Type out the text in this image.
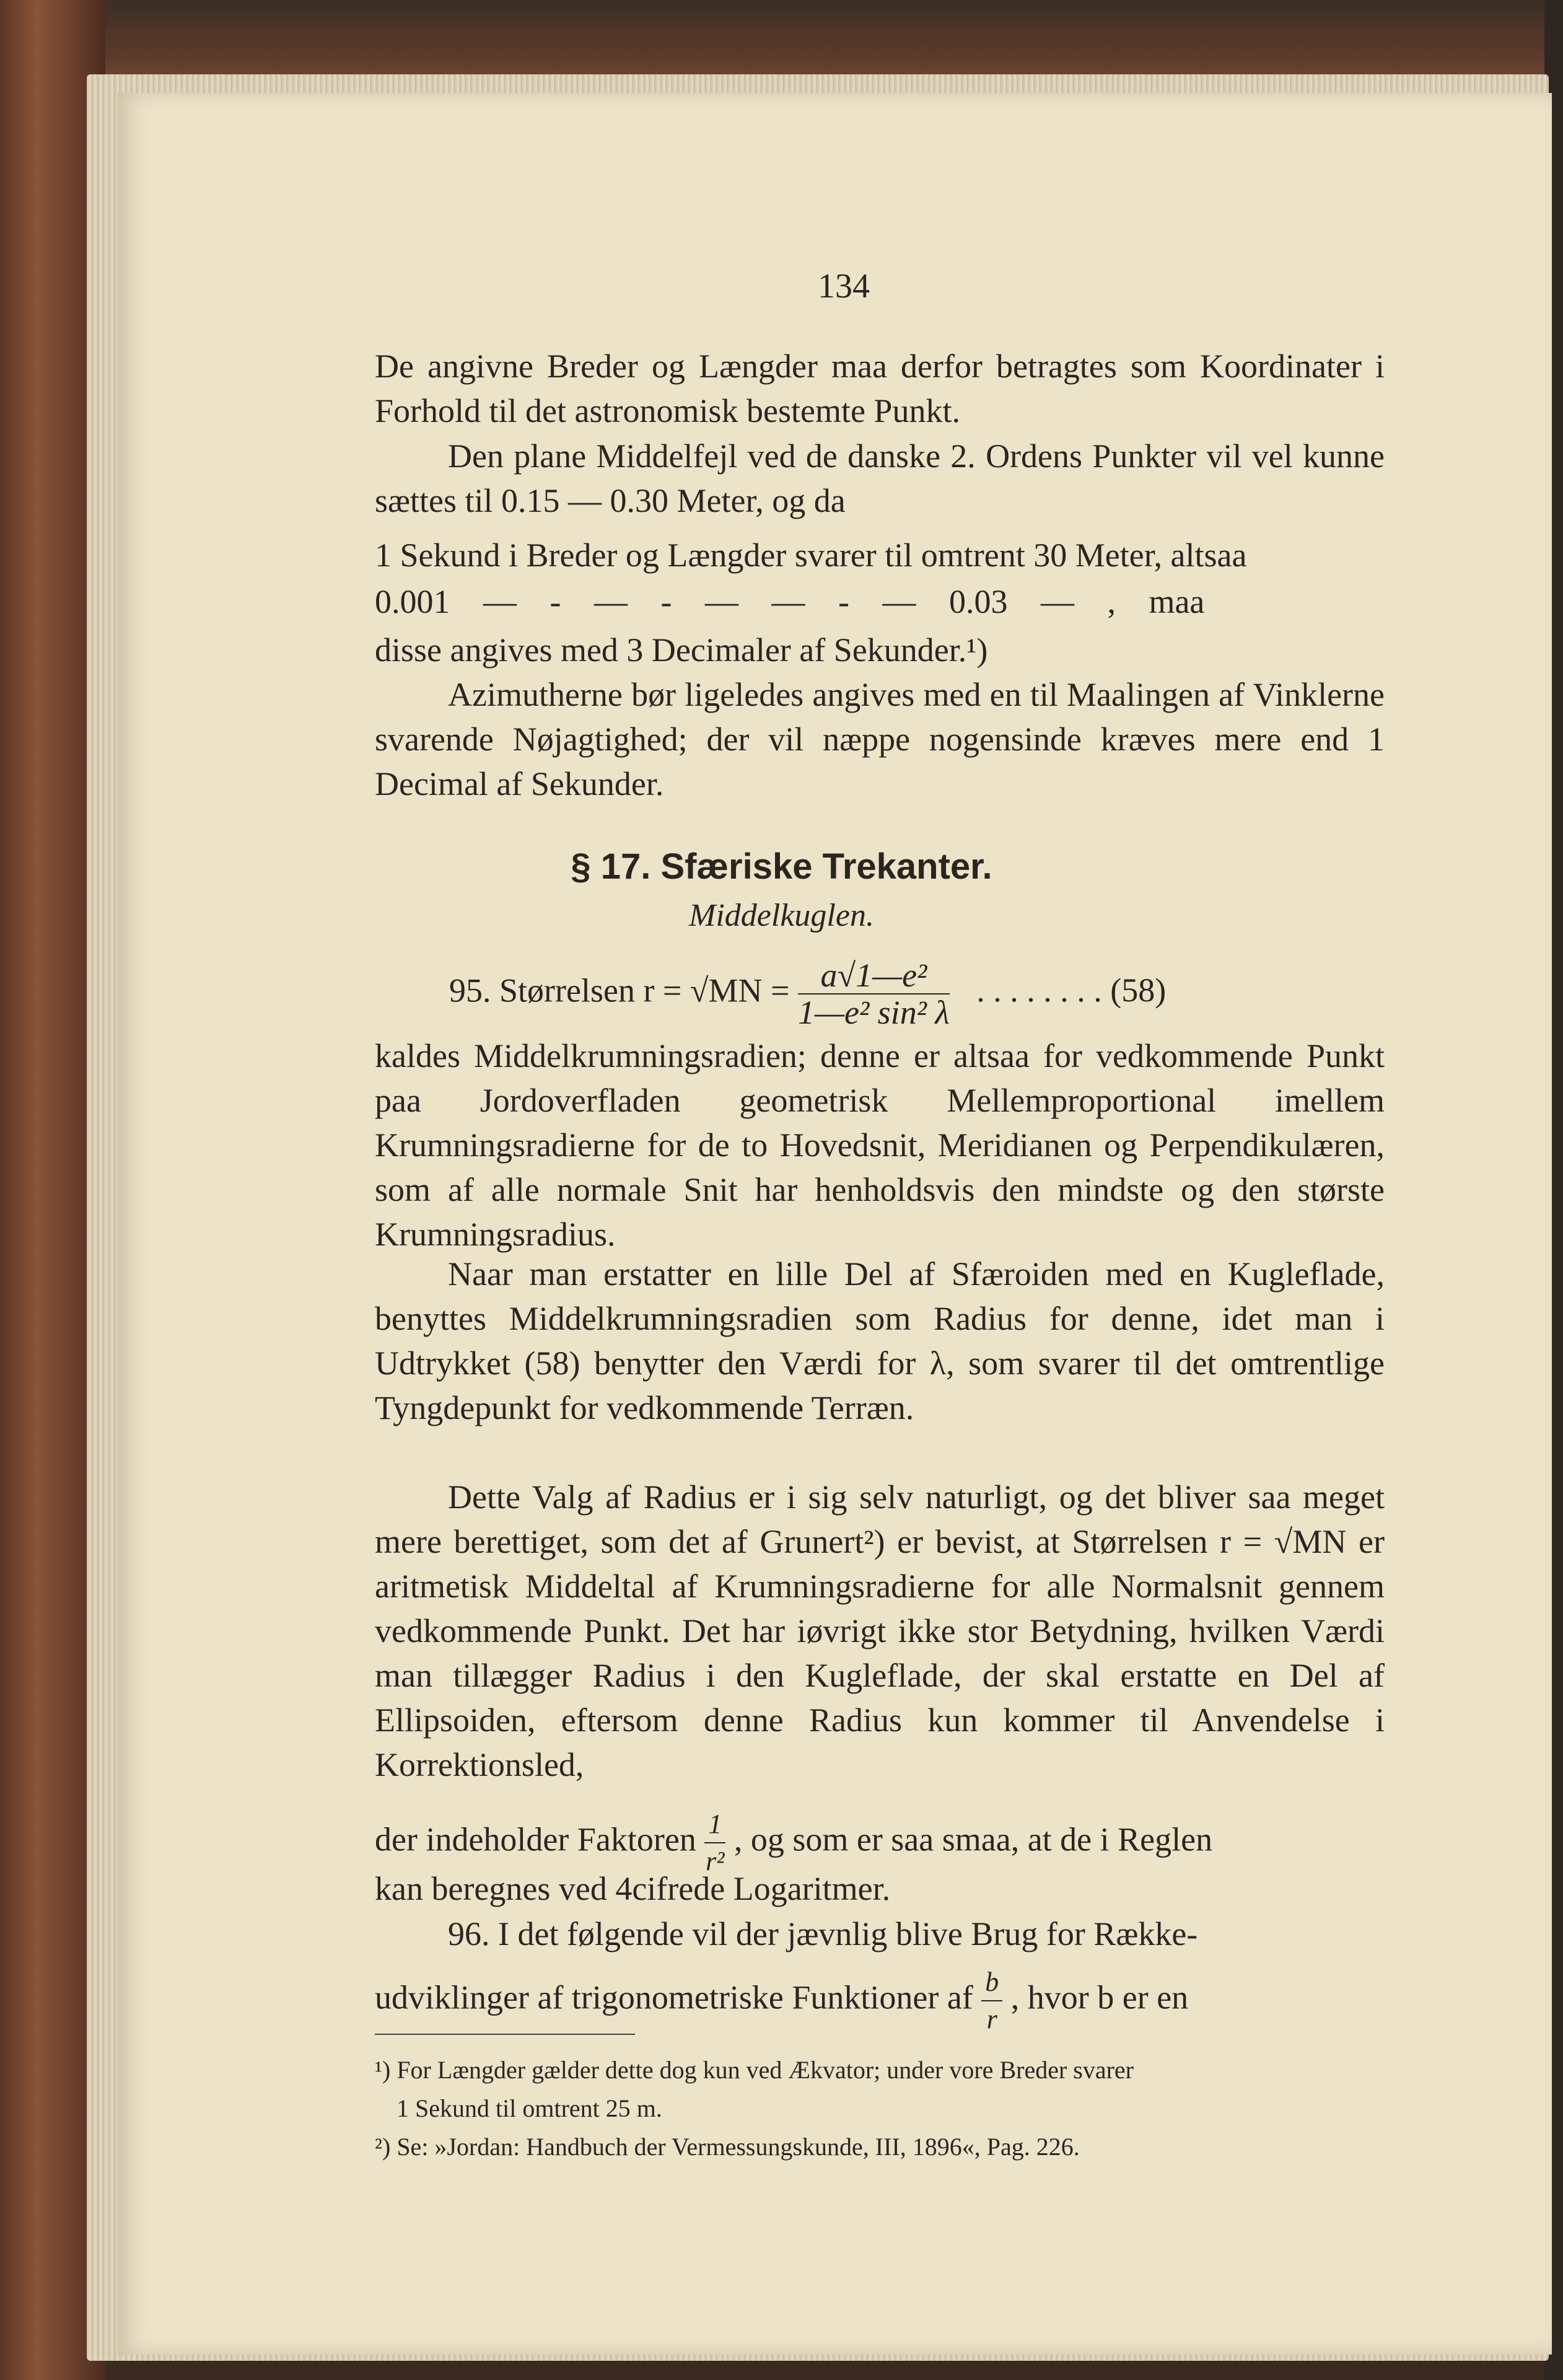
134

De angivne Breder og Længder maa derfor betragtes som Koordinater i Forhold til det astronomisk bestemte Punkt.

Den plane Middelfejl ved de danske 2. Ordens Punkter vil vel kunne sættes til 0.15 — 0.30 Meter, og da

1 Sekund i Breder og Længder svarer til omtrent 30 Meter, altsaa
0.001 — - — - — — - — 0.03 — , maa
disse angives med 3 Decimaler af Sekunder.¹)

Azimutherne bør ligeledes angives med en til Maalingen af Vinklerne svarende Nøjagtighed; der vil næppe nogensinde kræves mere end 1 Decimal af Sekunder.

§ 17. Sfæriske Trekanter.
Middelkuglen.
95. Størrelsen $r = √MN = \frac{\text{a√1—e²}}{\text{1—e² sin² λ}}$ . . . . . . . . (58)

kaldes Middelkrumningsradien; denne er altsaa for vedkommende Punkt paa Jordoverfladen geometrisk Mellemproportional imellem Krumningsradierne for de to Hovedsnit, Meridianen og Perpendikulæren, som af alle normale Snit har henholdsvis den mindste og den største Krumningsradius.

Naar man erstatter en lille Del af Sfæroiden med en Kugleflade, benyttes Middelkrumningsradien som Radius for denne, idet man i Udtrykket (58) benytter den Værdi for λ, som svarer til det omtrentlige Tyngdepunkt for vedkommende Terræn.

Dette Valg af Radius er i sig selv naturligt, og det bliver saa meget mere berettiget, som det af Grunert²) er bevist, at Størrelsen r = √MN er aritmetisk Middeltal af Krumningsradierne for alle Normalsnit gennem vedkommende Punkt. Det har iøvrigt ikke stor Betydning, hvilken Værdi man tillægger Radius i den Kugleflade, der skal erstatte en Del af Ellipsoiden, eftersom denne Radius kun kommer til Anvendelse i Korrektionsled,

der indeholder Faktoren $\frac{1}{\text{r²}}$ , og som er saa smaa, at de i Reglen
kan beregnes ved 4cifrede Logaritmer.
96. I det følgende vil der jævnlig blive Brug for Række-
udviklinger af trigonometriske Funktioner af $\frac{b}{r}$ , hvor b er en
¹) For Længder gælder dette dog kun ved Ækvator; under vore Breder svarer
1 Sekund til omtrent 25 m.
²) Se: »Jordan: Handbuch der Vermessungskunde, III, 1896«, Pag. 226.
